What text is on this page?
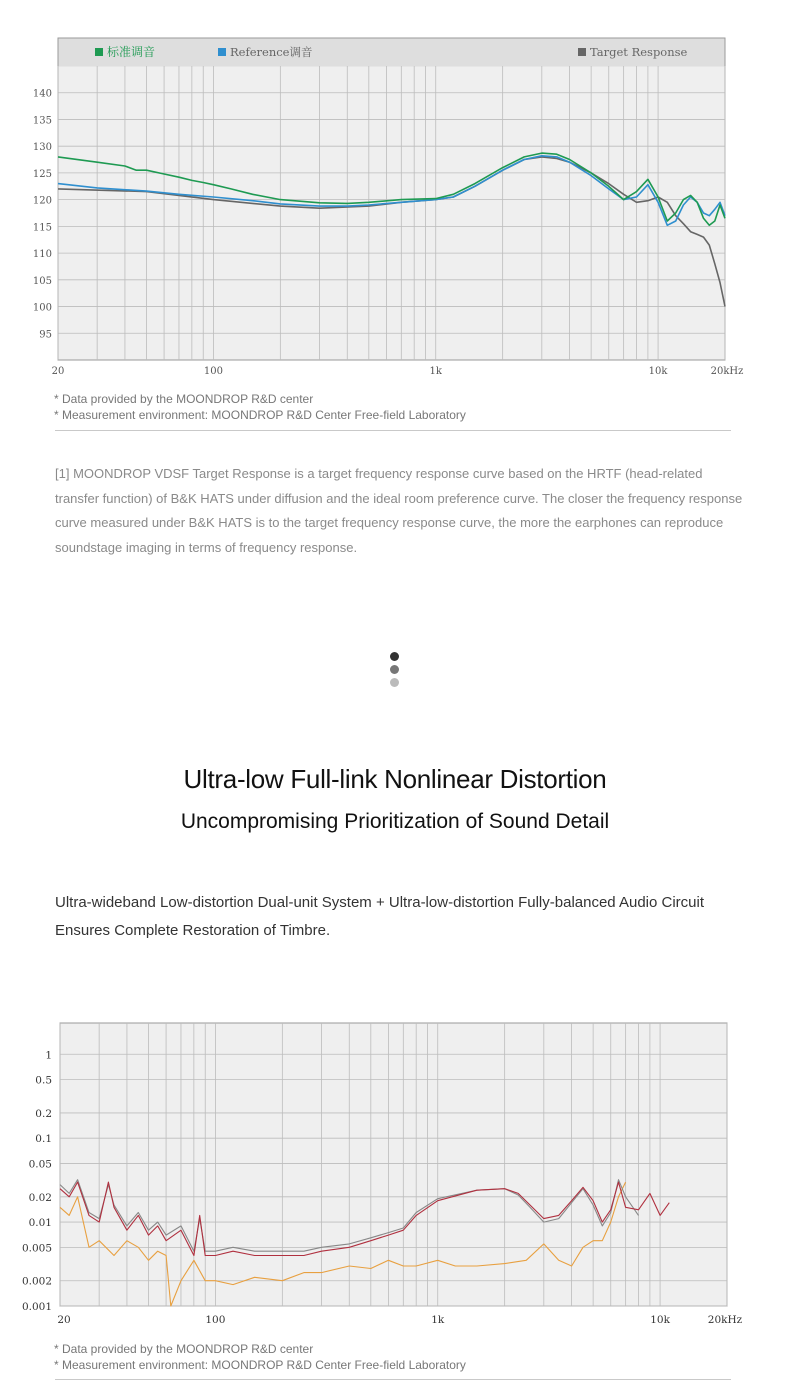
140
135
130
125
120
115
110
105
100
95
20	100	1k	10k	20kHz
标准调音	Reference调音	Target Response

* Data provided by the MOONDROP R&D center

* Measurement environment: MOONDROP R&D Center Free-field Laboratory

[1] MOONDROP VDSF Target Response is a target frequency response curve based on the HRTF (head-related transfer function) of B&K HATS under diffusion and the ideal room preference curve. The closer the frequency response curve measured under B&K HATS is to the target frequency response curve, the more the earphones can reproduce soundstage imaging in terms of frequency response.

Ultra-low Full-link Nonlinear Distortion
Uncompromising Prioritization of Sound Detail

Ultra-wideband Low-distortion Dual-unit System + Ultra-low-distortion Fully-balanced Audio Circuit Ensures Complete Restoration of Timbre.

1
0.5
0.2
0.1
0.05
0.02
0.01
0.005
0.002
0.001
20	100	1k	10k	20kHz

* Data provided by the MOONDROP R&D center

* Measurement environment: MOONDROP R&D Center Free-field Laboratory
